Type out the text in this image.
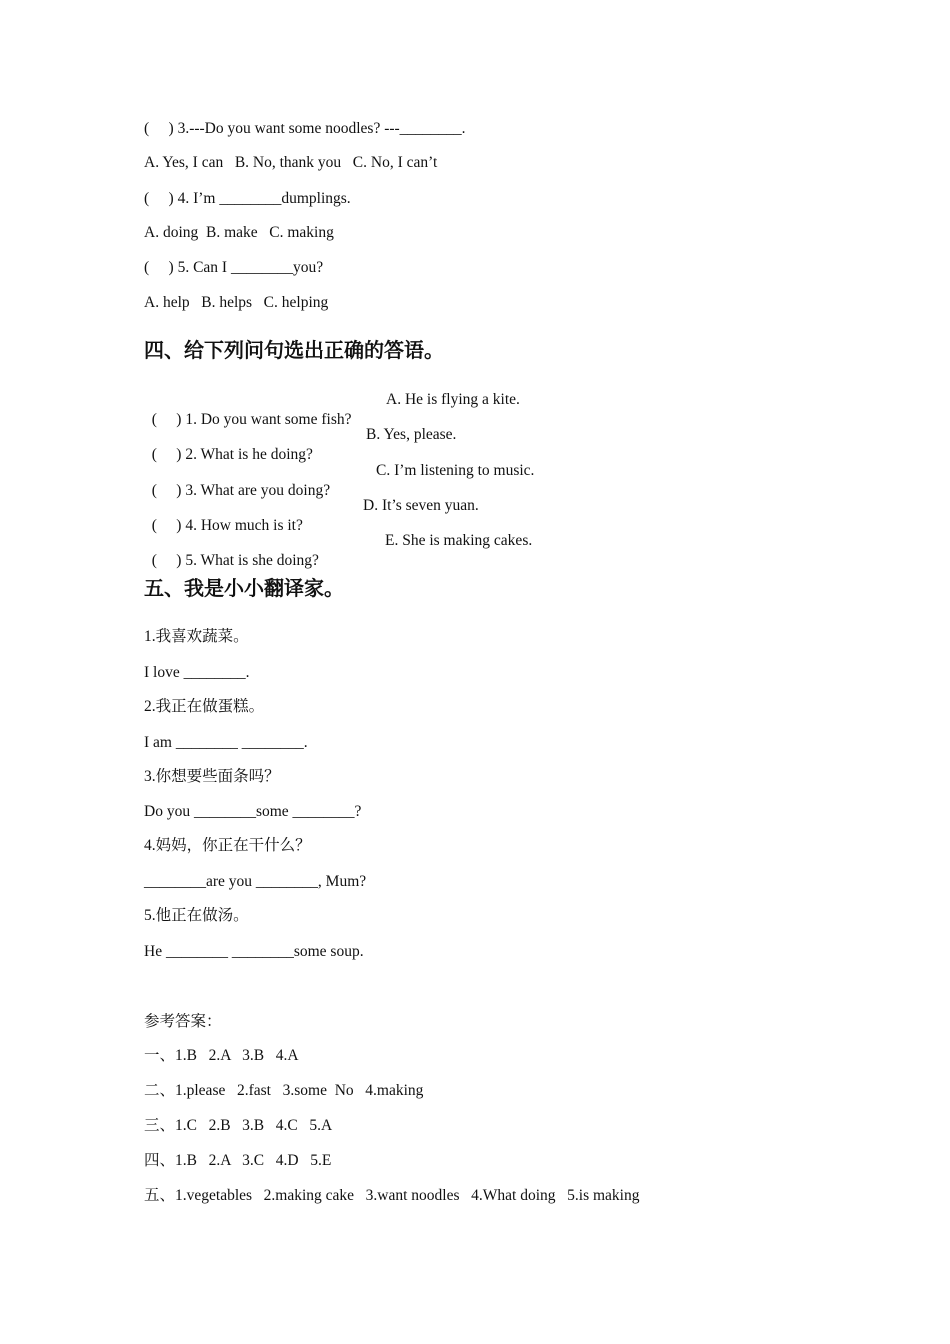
(　 ) 3.---Do you want some noodles? ---________.
A. Yes, I can   B. No, thank you   C. No, I can’t
(　 ) 4. I’m ________dumplings.
A. doing  B. make   C. making
(　 ) 5. Can I ________you?
A. help   B. helps   C. helping
四、给下列问句选出正确的答语。

(　 ) 1. Do you want some fish?

A. He is flying a kite.

(　 ) 2. What is he doing?

B. Yes, please.

(　 ) 3. What are you doing?

C. I’m listening to music.

(　 ) 4. How much is it?

D. It’s seven yuan.

(　 ) 5. What is she doing?

E. She is making cakes.

五、我是小小翻译家。
1.我喜欢蔬菜。
I love ________.
2.我正在做蛋糕。
I am ________ ________.
3.你想要些面条吗？
Do you ________some ________?
4.妈妈，你正在干什么？
________are you ________, Mum?
5.他正在做汤。
He ________ ________some soup.
参考答案：
一、1.B   2.A   3.B   4.A
二、1.please   2.fast   3.some  No   4.making
三、1.C   2.B   3.B   4.C   5.A
四、1.B   2.A   3.C   4.D   5.E
五、1.vegetables   2.making cake   3.want noodles   4.What doing   5.is making
